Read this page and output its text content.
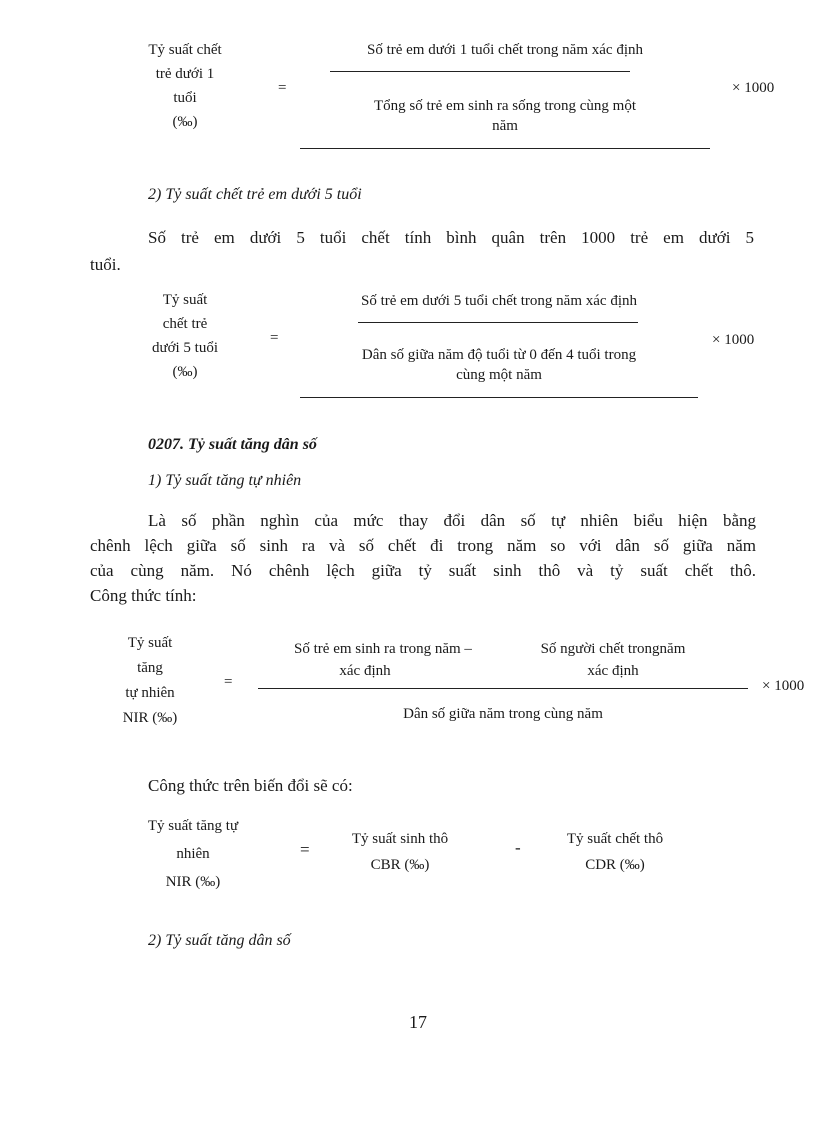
Tỷ suất chết
trẻ dưới 1
tuổi
(‰)
=
Số trẻ em dưới 1 tuổi chết trong năm xác định
Tổng số trẻ em sinh ra sống trong cùng một
năm
× 1000
2) Tỷ suất chết trẻ em dưới 5 tuổi
Số trẻ em dưới 5 tuổi chết tính bình quân trên 1000 trẻ em dưới 5
tuổi.
Tỷ suất
chết trẻ
dưới 5 tuổi
(‰)
=
Số trẻ em dưới 5 tuổi chết trong năm xác định
Dân số giữa năm độ tuổi từ 0 đến 4 tuổi trong
cùng một năm
× 1000
0207. Tỷ suất tăng dân số
1) Tỷ suất tăng tự nhiên
Là số phần nghìn của mức thay đổi dân số tự nhiên biểu hiện bằng
chênh lệch giữa số sinh ra và số chết đi trong năm so với dân số giữa năm
của cùng năm. Nó chênh lệch giữa tỷ suất sinh thô và tỷ suất chết thô.
Công thức tính:
Tỷ suất
tăng
tự nhiên
NIR (‰)
=
Số trẻ em sinh ra trong năm –
xác định
Số người chết trongnăm
xác định
Dân số giữa năm trong cùng năm
× 1000
Công thức trên biến đổi sẽ có:
Tỷ suất tăng tự
nhiên
NIR (‰)
=
Tỷ suất sinh thô
CBR (‰)
-	Tỷ suất chết thô
CDR (‰)
2) Tỷ suất tăng dân số
17
